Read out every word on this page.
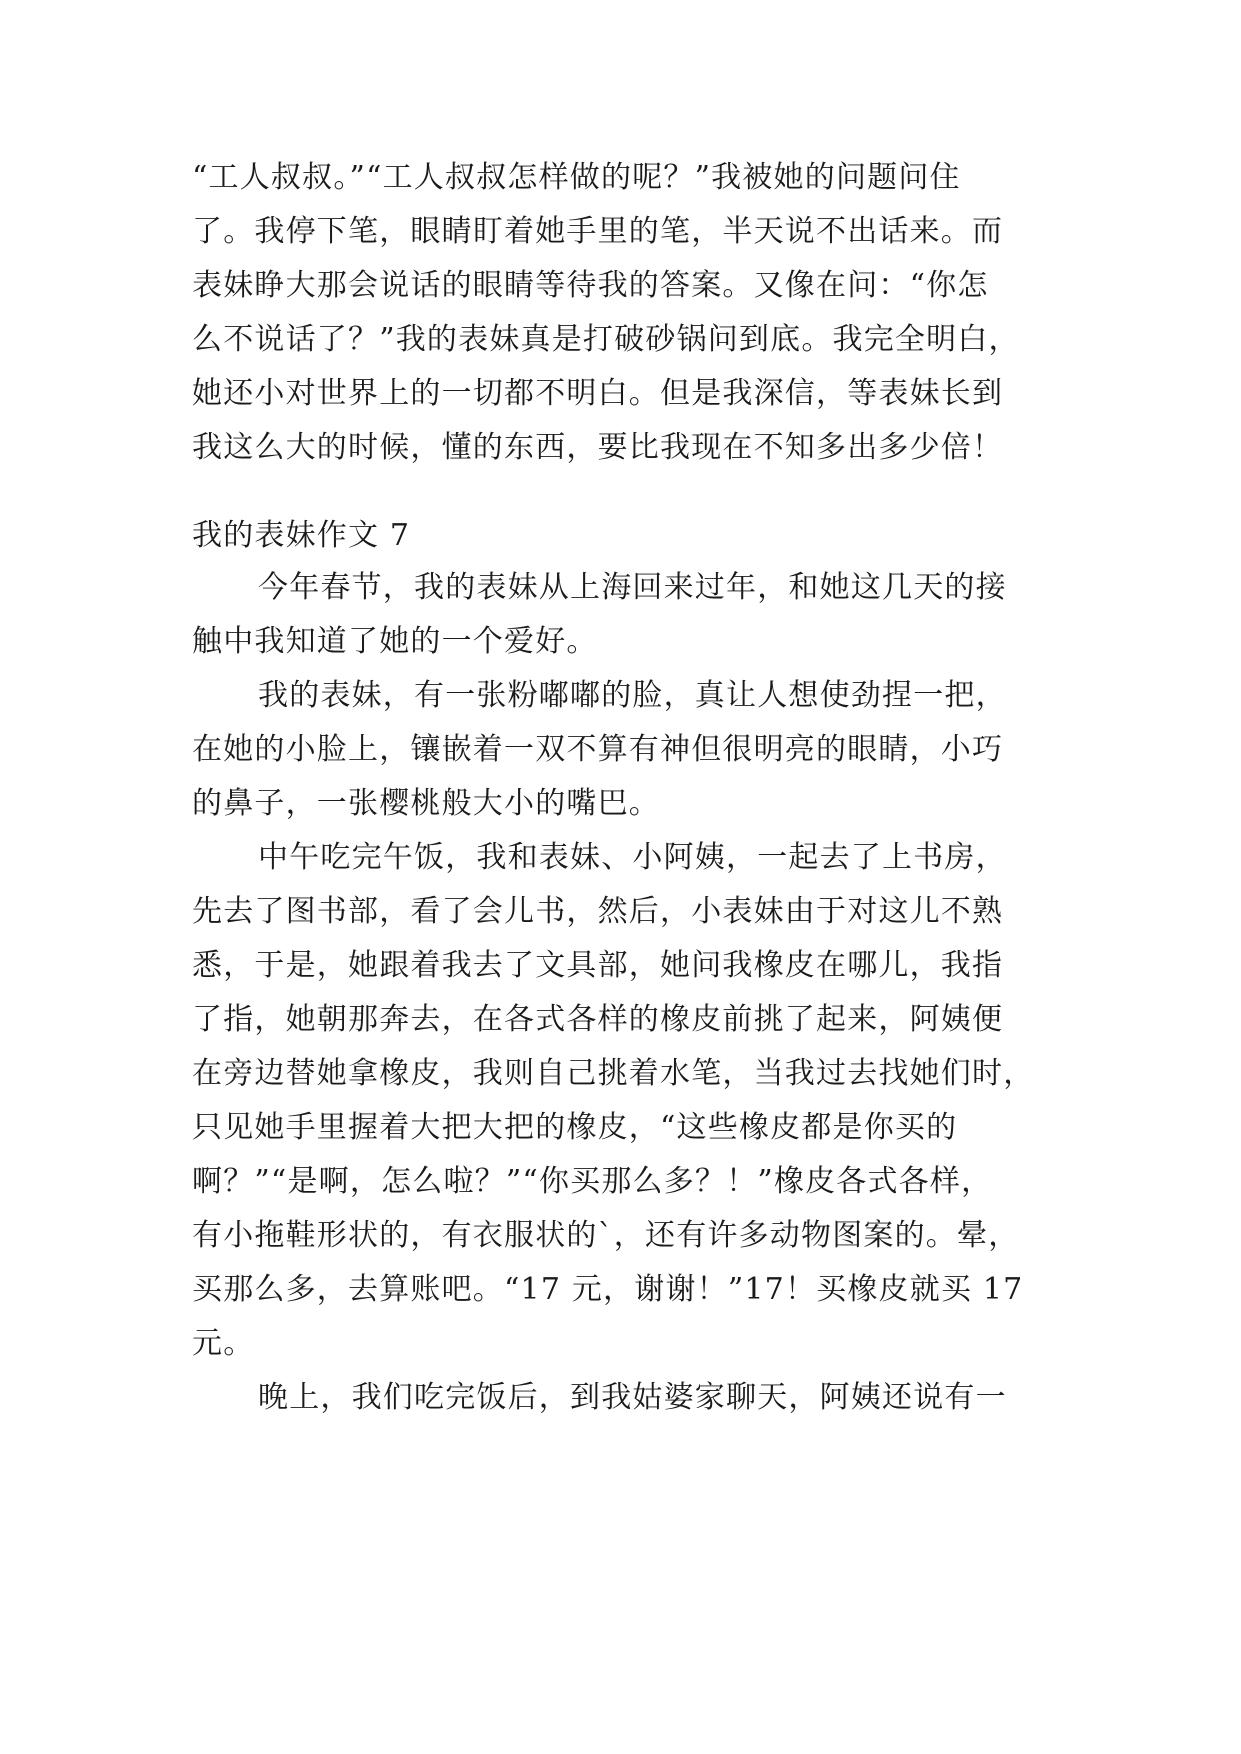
“工人叔叔。”“工人叔叔怎样做的呢？”我被她的问题问住
了。我停下笔，眼睛盯着她手里的笔，半天说不出话来。而
表妹睁大那会说话的眼睛等待我的答案。又像在问：“你怎
么不说话了？”我的表妹真是打破砂锅问到底。我完全明白，
她还小对世界上的一切都不明白。但是我深信，等表妹长到
我这么大的时候，懂的东西，要比我现在不知多出多少倍！
我的表妹作文 7
今年春节，我的表妹从上海回来过年，和她这几天的接
触中我知道了她的一个爱好。
我的表妹，有一张粉嘟嘟的脸，真让人想使劲捏一把，
在她的小脸上，镶嵌着一双不算有神但很明亮的眼睛，小巧
的鼻子，一张樱桃般大小的嘴巴。
中午吃完午饭，我和表妹、小阿姨，一起去了上书房，
先去了图书部，看了会儿书，然后，小表妹由于对这儿不熟
悉，于是，她跟着我去了文具部，她问我橡皮在哪儿，我指
了指，她朝那奔去，在各式各样的橡皮前挑了起来，阿姨便
在旁边替她拿橡皮，我则自己挑着水笔，当我过去找她们时，
只见她手里握着大把大把的橡皮，“这些橡皮都是你买的
啊？”“是啊，怎么啦？”“你买那么多？！”橡皮各式各样，
有小拖鞋形状的，有衣服状的`，还有许多动物图案的。晕，
买那么多，去算账吧。“17 元，谢谢！”17！买橡皮就买 17
元。
晚上，我们吃完饭后，到我姑婆家聊天，阿姨还说有一
